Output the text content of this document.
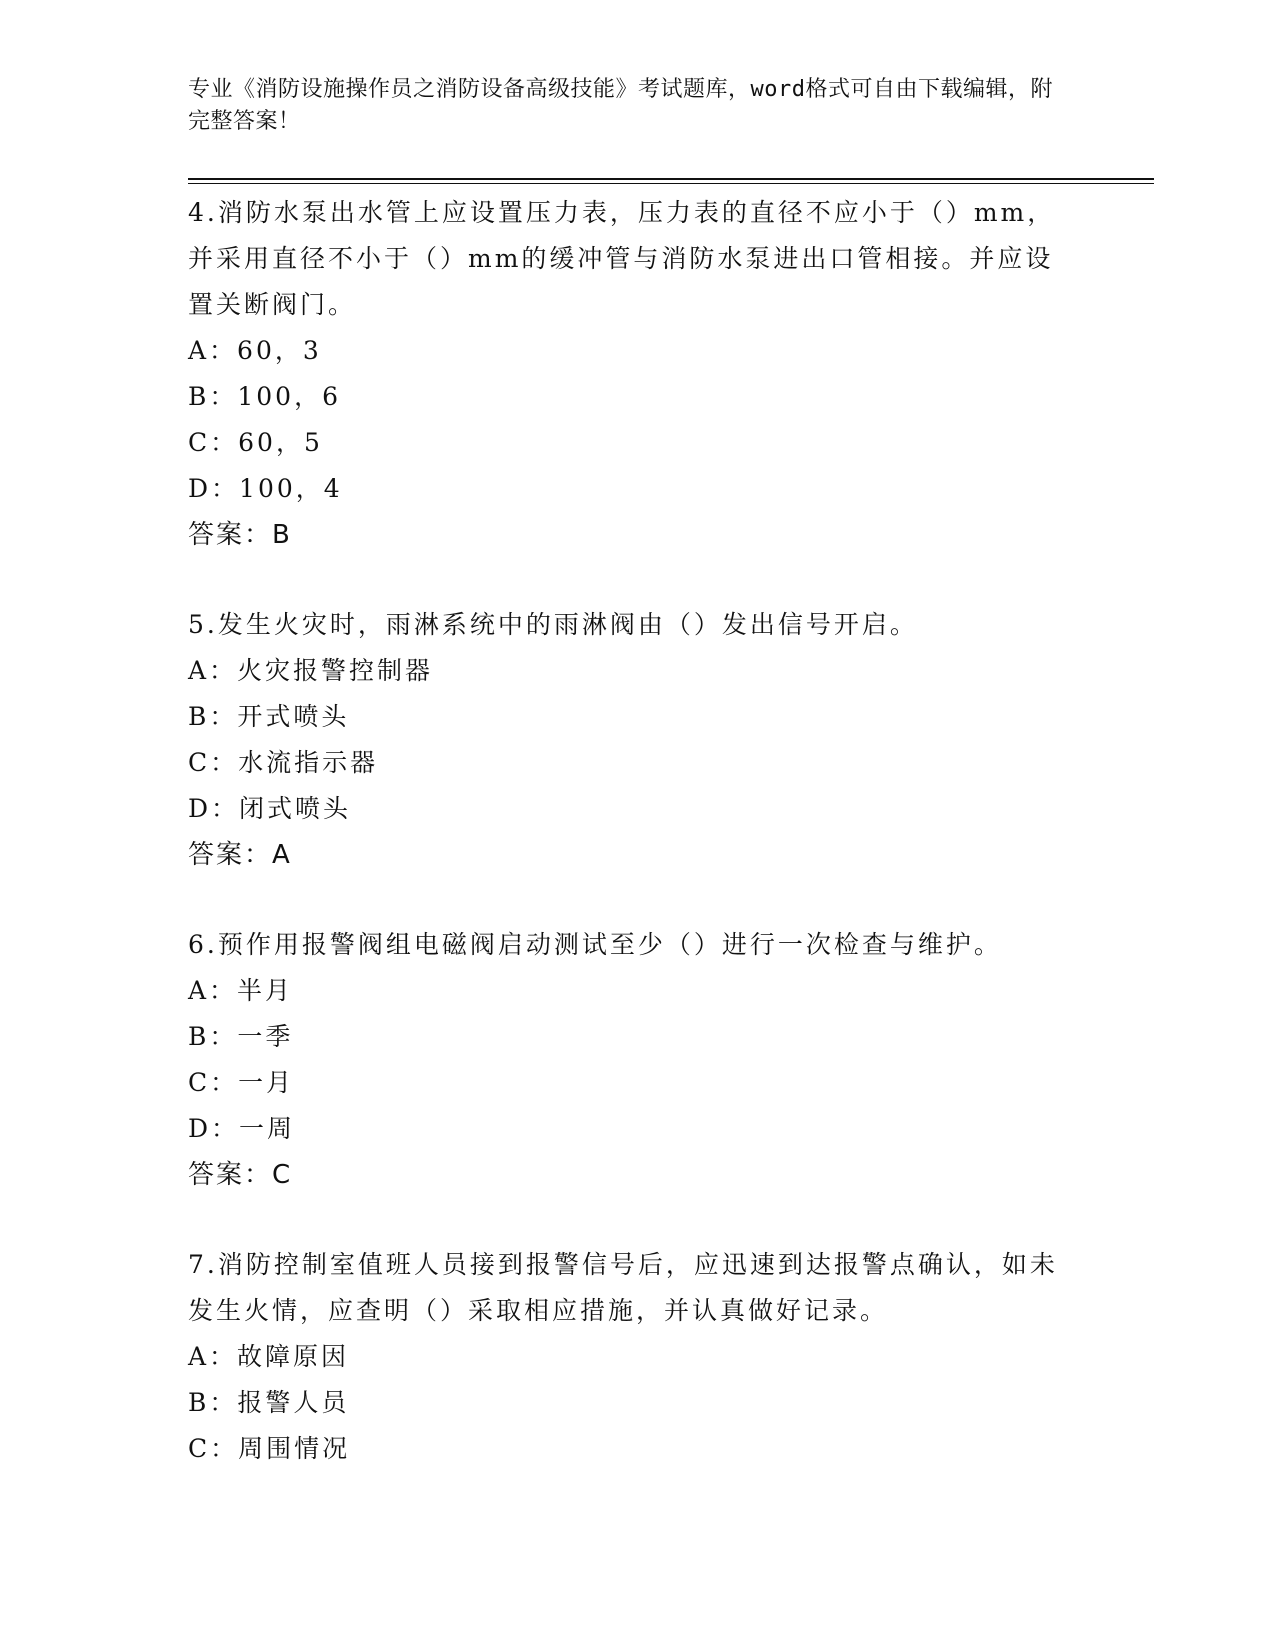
专业《消防设施操作员之消防设备高级技能》考试题库，word格式可自由下载编辑，附完整答案！
4.消防水泵出水管上应设置压力表，压力表的直径不应小于（）mm，并采用直径不小于（）mm的缓冲管与消防水泵进出口管相接。并应设置关断阀门。
A：60，3
B：100，6
C：60，5
D：100，4
答案：B
5.发生火灾时，雨淋系统中的雨淋阀由（）发出信号开启。
A：火灾报警控制器
B：开式喷头
C：水流指示器
D：闭式喷头
答案：A
6.预作用报警阀组电磁阀启动测试至少（）进行一次检查与维护。
A：半月
B：一季
C：一月
D：一周
答案：C
7.消防控制室值班人员接到报警信号后，应迅速到达报警点确认，如未发生火情，应查明（）采取相应措施，并认真做好记录。
A：故障原因
B：报警人员
C：周围情况
